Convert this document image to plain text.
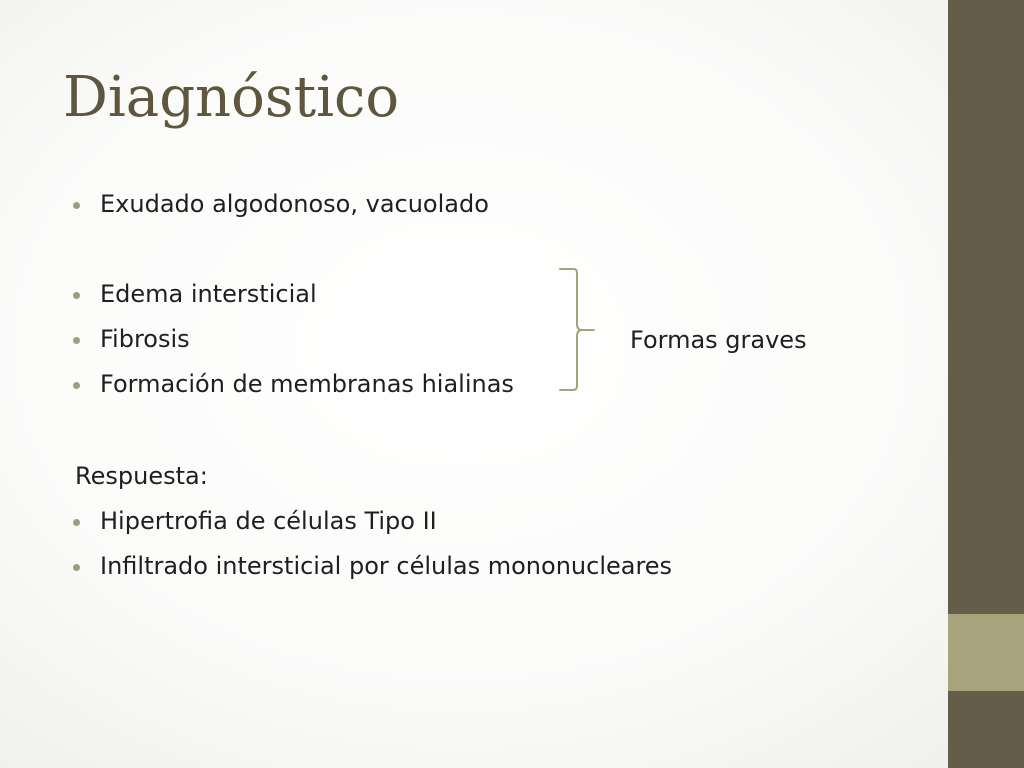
Diagnóstico
Exudado algodonoso, vacuolado
Edema intersticial
Fibrosis
Formación de membranas hialinas
Formas graves
Respuesta:
Hipertrofia de células Tipo II
Infiltrado intersticial por células mononucleares
